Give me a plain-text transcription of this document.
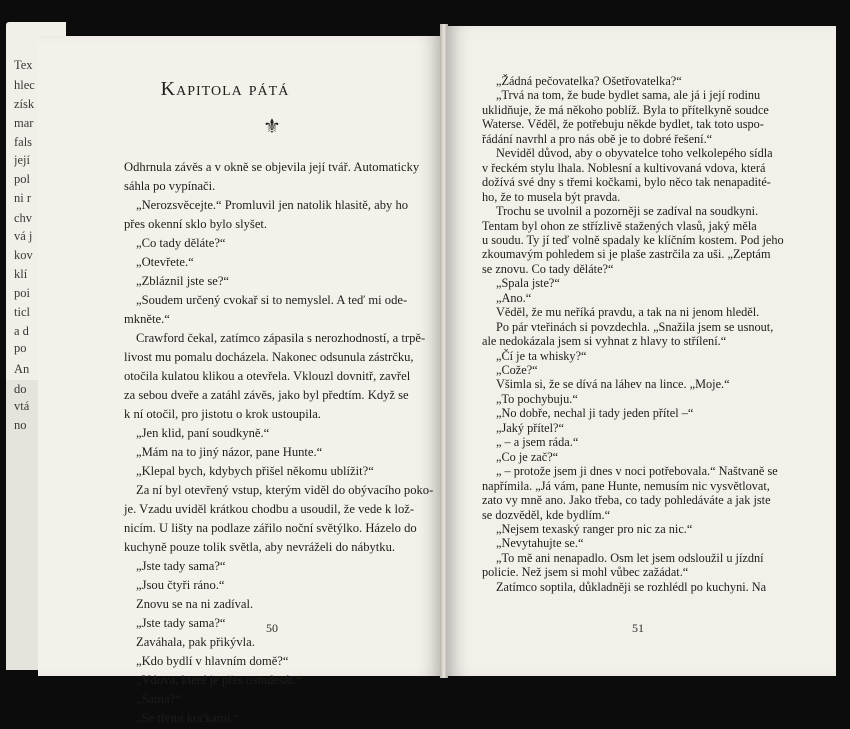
Tex
hlec
získ
mar
fals
její
pol
ni r
chv
vá j
kov
klí
poi
ticl
a d
po
An
do
vtá
no
Kapitola pátá
⚜
Odhrnula závěs a v okně se objevila její tvář. Automaticky
sáhla po vypínači.
„Nerozsvěcejte.“ Promluvil jen natolik hlasitě, aby ho
přes okenní sklo bylo slyšet.
„Co tady děláte?“
„Otevřete.“
„Zbláznil jste se?“
„Soudem určený cvokař si to nemyslel. A teď mi ode-
mkněte.“
Crawford čekal, zatímco zápasila s nerozhodností, a trpě-
livost mu pomalu docházela. Nakonec odsunula zástrčku,
otočila kulatou klikou a otevřela. Vklouzl dovnitř, zavřel
za sebou dveře a zatáhl závěs, jako byl předtím. Když se
k ní otočil, pro jistotu o krok ustoupila.
„Jen klid, paní soudkyně.“
„Mám na to jiný názor, pane Hunte.“
„Klepal bych, kdybych přišel někomu ublížit?“
Za ní byl otevřený vstup, kterým viděl do obývacího poko-
je. Vzadu uviděl krátkou chodbu a usoudil, že vede k lož-
nicím. U lišty na podlaze zářilo noční světýlko. Házelo do
kuchyně pouze tolik světla, aby nevráželi do nábytku.
„Jste tady sama?“
„Jsou čtyři ráno.“
Znovu se na ni zadíval.
„Jste tady sama?“
Zaváhala, pak přikývla.
„Kdo bydlí v hlavním domě?“
„Vdova, které je přes osmdesát.“
„Sama?“
„Se třemi kočkami.“
„Žádná pečovatelka? Ošetřovatelka?“
„Trvá na tom, že bude bydlet sama, ale já i její rodinu
uklidňuje, že má někoho poblíž. Byla to přítelkyně soudce
Waterse. Věděl, že potřebuju někde bydlet, tak toto uspo-
řádání navrhl a pro nás obě je to dobré řešení.“
Neviděl důvod, aby o obyvatelce toho velkolepého sídla
v řeckém stylu lhala. Noblesní a kultivovaná vdova, která
dožívá své dny s třemi kočkami, bylo něco tak nenapadité-
ho, že to musela být pravda.
Trochu se uvolnil a pozorněji se zadíval na soudkyni.
Tentam byl ohon ze střízlivě stažených vlasů, jaký měla
u soudu. Ty jí teď volně spadaly ke klíčním kostem. Pod jeho
zkoumavým pohledem si je plaše zastrčila za uši. „Zeptám
se znovu. Co tady děláte?“
„Spala jste?“
„Ano.“
Věděl, že mu neříká pravdu, a tak na ni jenom hleděl.
Po pár vteřinách si povzdechla. „Snažila jsem se usnout,
ale nedokázala jsem si vyhnat z hlavy to střílení.“
„Čí je ta whisky?“
„Cože?“
Všimla si, že se dívá na láhev na lince. „Moje.“
„To pochybuju.“
„No dobře, nechal ji tady jeden přítel –“
„Jaký přítel?“
„ – a jsem ráda.“
„Co je zač?“
„ – protože jsem ji dnes v noci potřebovala.“ Naštvaně se
napřímila. „Já vám, pane Hunte, nemusím nic vysvětlovat,
zato vy mně ano. Jako třeba, co tady pohledáváte a jak jste
se dozvěděl, kde bydlím.“
„Nejsem texaský ranger pro nic za nic.“
„Nevytahujte se.“
„To mě ani nenapadlo. Osm let jsem odsloužil u jízdní
policie. Než jsem si mohl vůbec zažádat.“
Zatímco soptila, důkladněji se rozhlédl po kuchyni. Na
50	51
